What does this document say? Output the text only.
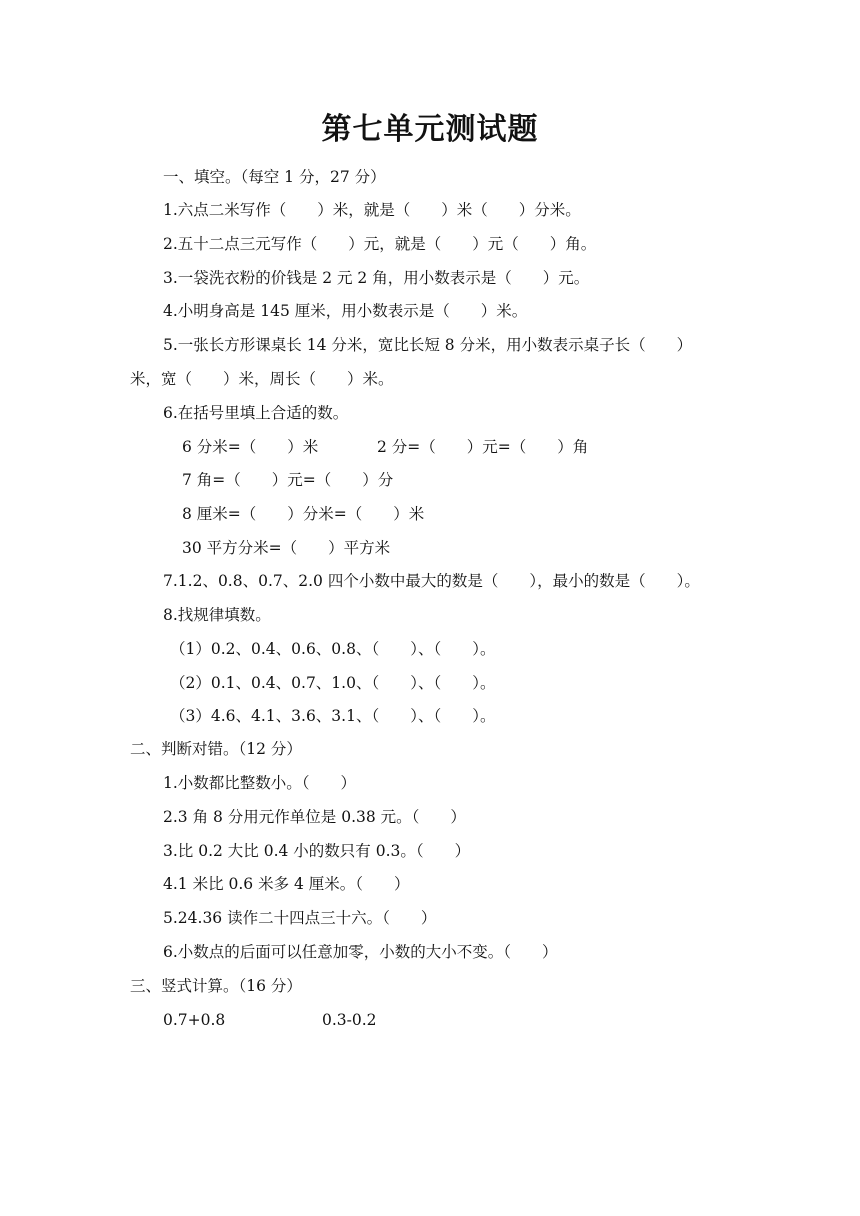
第七单元测试题
一、填空。（每空 1 分，27 分）
1.六点二米写作（　　）米，就是（　　）米（　　）分米。
2.五十二点三元写作（　　）元，就是（　　）元（　　）角。
3.一袋洗衣粉的价钱是 2 元 2 角，用小数表示是（　　）元。
4.小明身高是 145 厘米，用小数表示是（　　）米。
5.一张长方形课桌长 14 分米，宽比长短 8 分米，用小数表示桌子长（　　）
米，宽（　　）米，周长（　　）米。
6.在括号里填上合适的数。
6 分米=（　　）米	2 分=（　　）元=（　　）角
7 角=（　　）元=（　　）分
8 厘米=（　　）分米=（　　）米
30 平方分米=（　　）平方米
7.1.2、0.8、0.7、2.0 四个小数中最大的数是（　　），最小的数是（　　）。
8.找规律填数。
（1）0.2、0.4、0.6、0.8、（　　）、（　　）。
（2）0.1、0.4、0.7、1.0、（　　）、（　　）。
（3）4.6、4.1、3.6、3.1、（　　）、（　　）。
二、判断对错。（12 分）
1.小数都比整数小。（　　）
2.3 角 8 分用元作单位是 0.38 元。（　　）
3.比 0.2 大比 0.4 小的数只有 0.3。（　　）
4.1 米比 0.6 米多 4 厘米。（　　）
5.24.36 读作二十四点三十六。（　　）
6.小数点的后面可以任意加零，小数的大小不变。（　　）
三、竖式计算。（16 分）
0.7+0.8	0.3-0.2
